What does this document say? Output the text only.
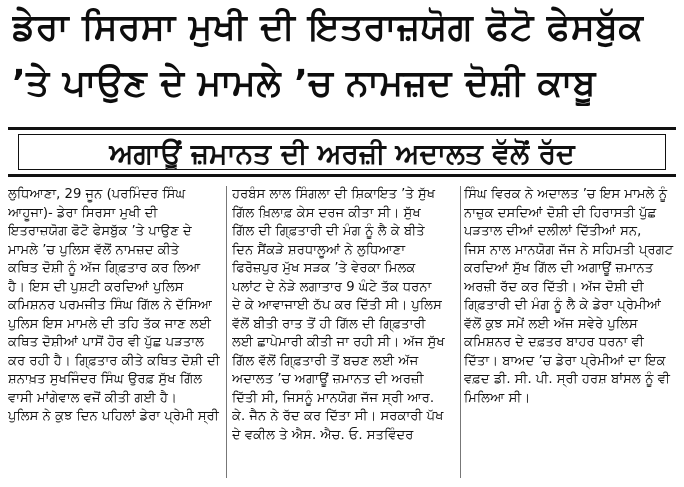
ਡੇਰਾ ਸਿਰਸਾ ਮੁਖੀ ਦੀ ਇਤਰਾਜ਼ਯੋਗ ਫੋਟੋ ਫੇਸਬੁੱਕ
’ਤੇ ਪਾਉਣ ਦੇ ਮਾਮਲੇ ’ਚ ਨਾਮਜ਼ਦ ਦੋਸ਼ੀ ਕਾਬੂ
ਅਗਾਊਂ ਜ਼ਮਾਨਤ ਦੀ ਅਰਜ਼ੀ ਅਦਾਲਤ ਵੱਲੋਂ ਰੱਦ
ਲੁਧਿਆਣਾ, 29 ਜੂਨ (ਪਰਮਿੰਦਰ ਸਿੰਘ
ਆਹੂਜਾ)- ਡੇਰਾ ਸਿਰਸਾ ਮੁਖੀ ਦੀ
ਇਤਰਾਜ਼ਯੋਗ ਫੋਟੋ ਫੇਸਬੁੱਕ ’ਤੇ ਪਾਉਣ ਦੇ
ਮਾਮਲੇ ’ਚ ਪੁਲਿਸ ਵੱਲੋਂ ਨਾਮਜ਼ਦ ਕੀਤੇ
ਕਥਿਤ ਦੋਸ਼ੀ ਨੂੰ ਅੱਜ ਗਿ੍ਫ਼ਤਾਰ ਕਰ ਲਿਆ
ਹੈ। ਇਸ ਦੀ ਪੁਸ਼ਟੀ ਕਰਦਿਆਂ ਪੁਲਿਸ
ਕਮਿਸ਼ਨਰ ਪਰਮਜੀਤ ਸਿੰਘ ਗਿੱਲ ਨੇ ਦੱਸਿਆ
ਪੁਲਿਸ ਇਸ ਮਾਮਲੇ ਦੀ ਤਹਿ ਤੱਕ ਜਾਣ ਲਈ
ਕਥਿਤ ਦੋਸ਼ੀਆਂ ਪਾਸੋਂ ਹੋਰ ਵੀ ਪੁੱਛ ਪੜਤਾਲ
ਕਰ ਰਹੀ ਹੈ। ਗਿ੍ਫ਼ਤਾਰ ਕੀਤੇ ਕਥਿਤ ਦੋਸ਼ੀ ਦੀ
ਸ਼ਨਾਖ਼ਤ ਸੁਖਜਿੰਦਰ ਸਿੰਘ ਉਰਫ਼ ਸੁੱਖ ਗਿੱਲ
ਵਾਸੀ ਮਾਂਗੇਵਾਲ ਵਜੋਂ ਕੀਤੀ ਗਈ ਹੈ।
ਪੁਲਿਸ ਨੇ ਕੁਝ ਦਿਨ ਪਹਿਲਾਂ ਡੇਰਾ ਪ੍ਰੇਮੀ ਸ੍ਰੀ
ਹਰਬੰਸ ਲਾਲ ਸਿੰਗਲਾ ਦੀ ਸ਼ਿਕਾਇਤ ’ਤੇ ਸੁੱਖ
ਗਿੱਲ ਖ਼ਿਲਾਫ਼ ਕੇਸ ਦਰਜ ਕੀਤਾ ਸੀ। ਸੁੱਖ
ਗਿੱਲ ਦੀ ਗਿ੍ਫ਼ਤਾਰੀ ਦੀ ਮੰਗ ਨੂੰ ਲੈ ਕੇ ਬੀਤੇ
ਦਿਨ ਸੈਂਕੜੇ ਸ਼ਰਧਾਲੂਆਂ ਨੇ ਲੁਧਿਆਣਾ
ਫਿਰੋਜ਼ਪੁਰ ਮੁੱਖ ਸੜਕ ’ਤੇ ਵੇਰਕਾ ਮਿਲਕ
ਪਲਾਂਟ ਦੇ ਨੇੜੇ ਲਗਾਤਾਰ 9 ਘੰਟੇ ਤੱਕ ਧਰਨਾ
ਦੇ ਕੇ ਆਵਾਜਾਈ ਠੱਪ ਕਰ ਦਿੱਤੀ ਸੀ। ਪੁਲਿਸ
ਵੱਲੋਂ ਬੀਤੀ ਰਾਤ ਤੋਂ ਹੀ ਗਿੱਲ ਦੀ ਗਿ੍ਫ਼ਤਾਰੀ
ਲਈ ਛਾਪੇਮਾਰੀ ਕੀਤੀ ਜਾ ਰਹੀ ਸੀ। ਅੱਜ ਸੁੱਖ
ਗਿੱਲ ਵੱਲੋਂ ਗਿ੍ਫ਼ਤਾਰੀ ਤੋਂ ਬਚਣ ਲਈ ਅੱਜ
ਅਦਾਲਤ ’ਚ ਅਗਾਊਂ ਜ਼ਮਾਨਤ ਦੀ ਅਰਜ਼ੀ
ਦਿੱਤੀ ਸੀ, ਜਿਸਨੂੰ ਮਾਨਯੋਗ ਜੱਜ ਸ੍ਰੀ ਆਰ.
ਕੇ. ਜੈਨ ਨੇ ਰੱਦ ਕਰ ਦਿੱਤਾ ਸੀ। ਸਰਕਾਰੀ ਪੱਖ
ਦੇ ਵਕੀਲ ਤੇ ਐਸ. ਐਚ. ਓ. ਸਤਵਿੰਦਰ
ਸਿੰਘ ਵਿਰਕ ਨੇ ਅਦਾਲਤ ’ਚ ਇਸ ਮਾਮਲੇ ਨੂੰ
ਨਾਜ਼ੁਕ ਦਸਦਿਆਂ ਦੋਸ਼ੀ ਦੀ ਹਿਰਾਸਤੀ ਪੁੱਛ
ਪੜਤਾਲ ਦੀਆਂ ਦਲੀਲਾਂ ਦਿੱਤੀਆਂ ਸਨ,
ਜਿਸ ਨਾਲ ਮਾਨਯੋਗ ਜੱਜ ਨੇ ਸਹਿਮਤੀ ਪ੍ਰਗਟ
ਕਰਦਿਆਂ ਸੁੱਖ ਗਿੱਲ ਦੀ ਅਗਾਊਂ ਜ਼ਮਾਨਤ
ਅਰਜ਼ੀ ਰੱਦ ਕਰ ਦਿੱਤੀ। ਅੱਜ ਦੋਸ਼ੀ ਦੀ
ਗਿ੍ਫ਼ਤਾਰੀ ਦੀ ਮੰਗ ਨੂੰ ਲੈ ਕੇ ਡੇਰਾ ਪ੍ਰੇਮੀਆਂ
ਵੱਲੋਂ ਕੁਝ ਸਮੇਂ ਲਈ ਅੱਜ ਸਵੇਰੇ ਪੁਲਿਸ
ਕਮਿਸ਼ਨਰ ਦੇ ਦਫ਼ਤਰ ਬਾਹਰ ਧਰਨਾ ਵੀ
ਦਿੱਤਾ। ਬਾਅਦ ’ਚ ਡੇਰਾ ਪ੍ਰੇਮੀਆਂ ਦਾ ਇਕ
ਵਫ਼ਦ ਡੀ. ਸੀ. ਪੀ. ਸ੍ਰੀ ਹਰਸ਼ ਬਾਂਸਲ ਨੂੰ ਵੀ
ਮਿਲਿਆ ਸੀ।
